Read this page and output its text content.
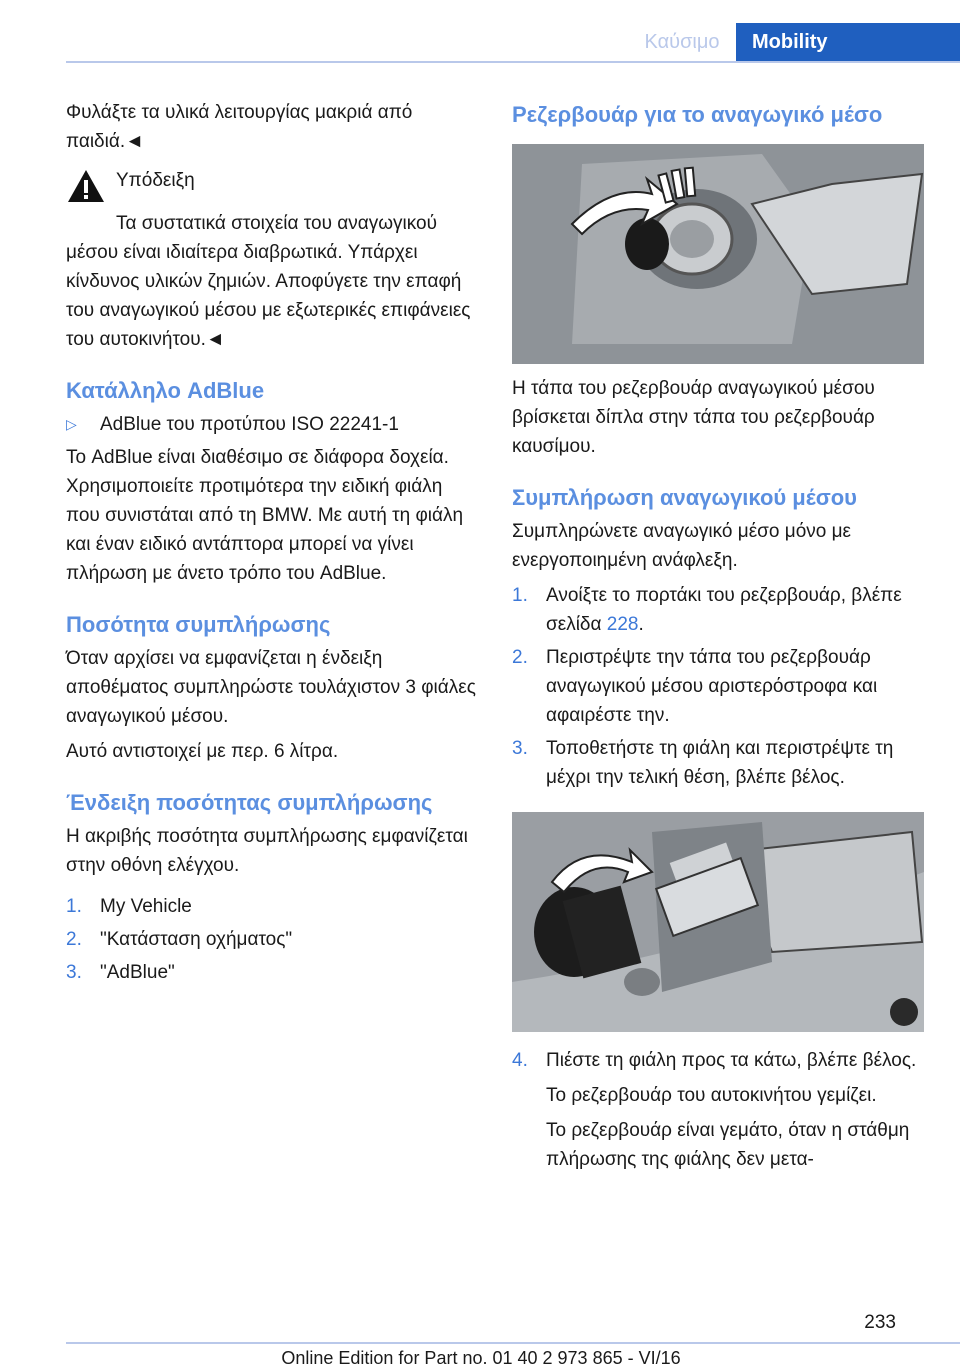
Καύσιμο	Mobility

Φυλάξτε τα υλικά λειτουργίας μακριά από παιδιά.◄

Υπόδειξη

Τα συστατικά στοιχεία του αναγωγικού μέσου είναι ιδιαίτερα διαβρωτικά. Υπάρχει κίνδυνος υλικών ζημιών. Αποφύγετε την επαφή του αναγωγικού μέσου με εξωτερικές επιφάνειες του αυτοκινήτου.◄

Κατάλληλο AdBlue
▷	AdBlue του προτύπου ISO 22241-1

Το AdBlue είναι διαθέσιμο σε διάφορα δοχεία. Χρησιμοποιείτε προτιμότερα την ειδική φιάλη που συνιστάται από τη BMW. Με αυτή τη φιάλη και έναν ειδικό αντάπτορα μπορεί να γίνει πλήρωση με άνετο τρόπο του AdBlue.

Ποσότητα συμπλήρωσης

Όταν αρχίσει να εμφανίζεται η ένδειξη αποθέματος συμπληρώστε τουλάχιστον 3 φιάλες αναγωγικού μέσου.

Αυτό αντιστοιχεί με περ. 6 λίτρα.

Ένδειξη ποσότητας συμπλήρωσης

Η ακριβής ποσότητα συμπλήρωσης εμφανίζεται στην οθόνη ελέγχου.

1. My Vehicle
2. "Κατάσταση οχήματος"
3. "AdBlue"
Ρεζερβουάρ για το αναγωγικό μέσο

Η τάπα του ρεζερβουάρ αναγωγικού μέσου βρίσκεται δίπλα στην τάπα του ρεζερβουάρ καυσίμου.

Συμπλήρωση αναγωγικού μέσου

Συμπληρώνετε αναγωγικό μέσο μόνο με ενεργοποιημένη ανάφλεξη.

1. Ανοίξτε το πορτάκι του ρεζερβουάρ, βλέπε σελίδα 228.
2. Περιστρέψτε την τάπα του ρεζερβουάρ αναγωγικού μέσου αριστερόστροφα και αφαιρέστε την.
3. Τοποθετήστε τη φιάλη και περιστρέψτε τη μέχρι την τελική θέση, βλέπε βέλος.
4. Πιέστε τη φιάλη προς τα κάτω, βλέπε βέλος.

Το ρεζερβουάρ του αυτοκινήτου γεμίζει.

Το ρεζερβουάρ είναι γεμάτο, όταν η στάθμη πλήρωσης της φιάλης δεν μετα-

233
Online Edition for Part no. 01 40 2 973 865 - VI/16
